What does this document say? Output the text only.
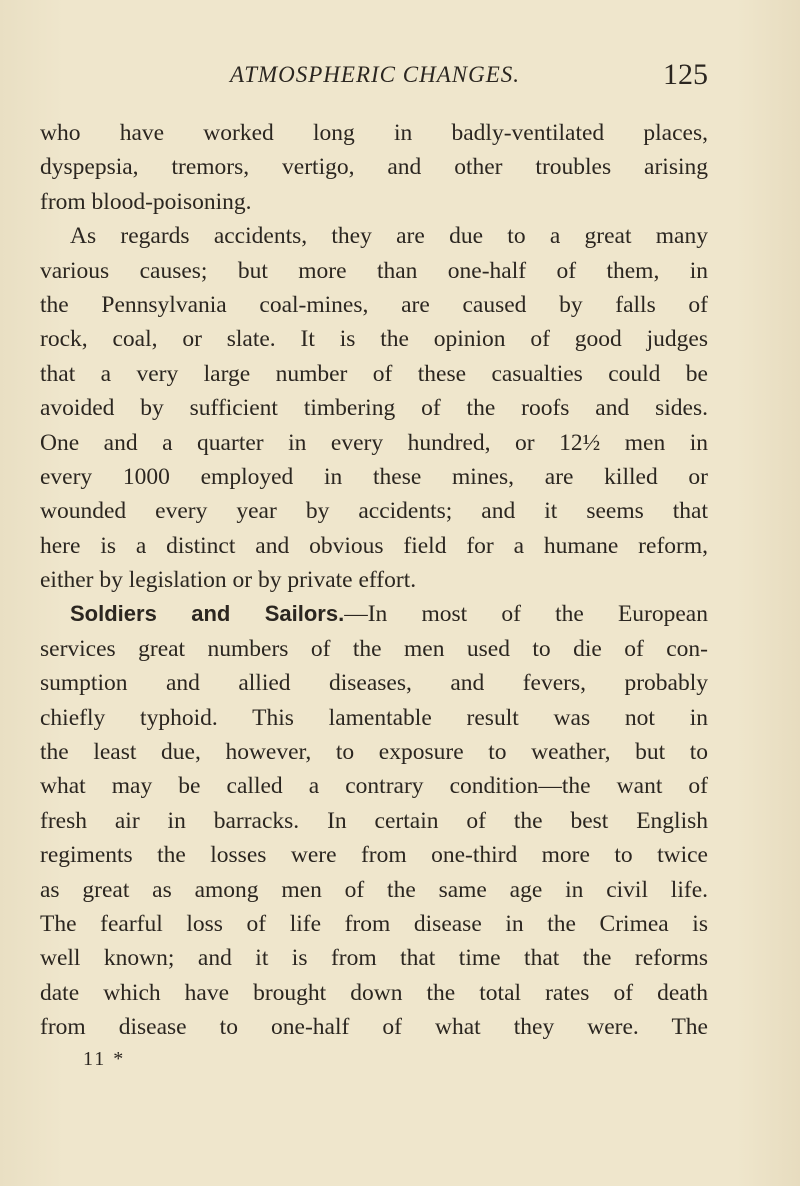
ATMOSPHERIC CHANGES.	125
who have worked long in badly-ventilated places,
dyspepsia, tremors, vertigo, and other troubles arising
from blood-poisoning.
As regards accidents, they are due to a great many
various causes; but more than one-half of them, in
the Pennsylvania coal-mines, are caused by falls of
rock, coal, or slate. It is the opinion of good judges
that a very large number of these casualties could be
avoided by sufficient timbering of the roofs and sides.
One and a quarter in every hundred, or 12½ men in
every 1000 employed in these mines, are killed or
wounded every year by accidents; and it seems that
here is a distinct and obvious field for a humane reform,
either by legislation or by private effort.
Soldiers and Sailors.—In most of the European
services great numbers of the men used to die of con-
sumption and allied diseases, and fevers, probably
chiefly typhoid. This lamentable result was not in
the least due, however, to exposure to weather, but to
what may be called a contrary condition—the want of
fresh air in barracks. In certain of the best English
regiments the losses were from one-third more to twice
as great as among men of the same age in civil life.
The fearful loss of life from disease in the Crimea is
well known; and it is from that time that the reforms
date which have brought down the total rates of death
from disease to one-half of what they were. The
11 *
